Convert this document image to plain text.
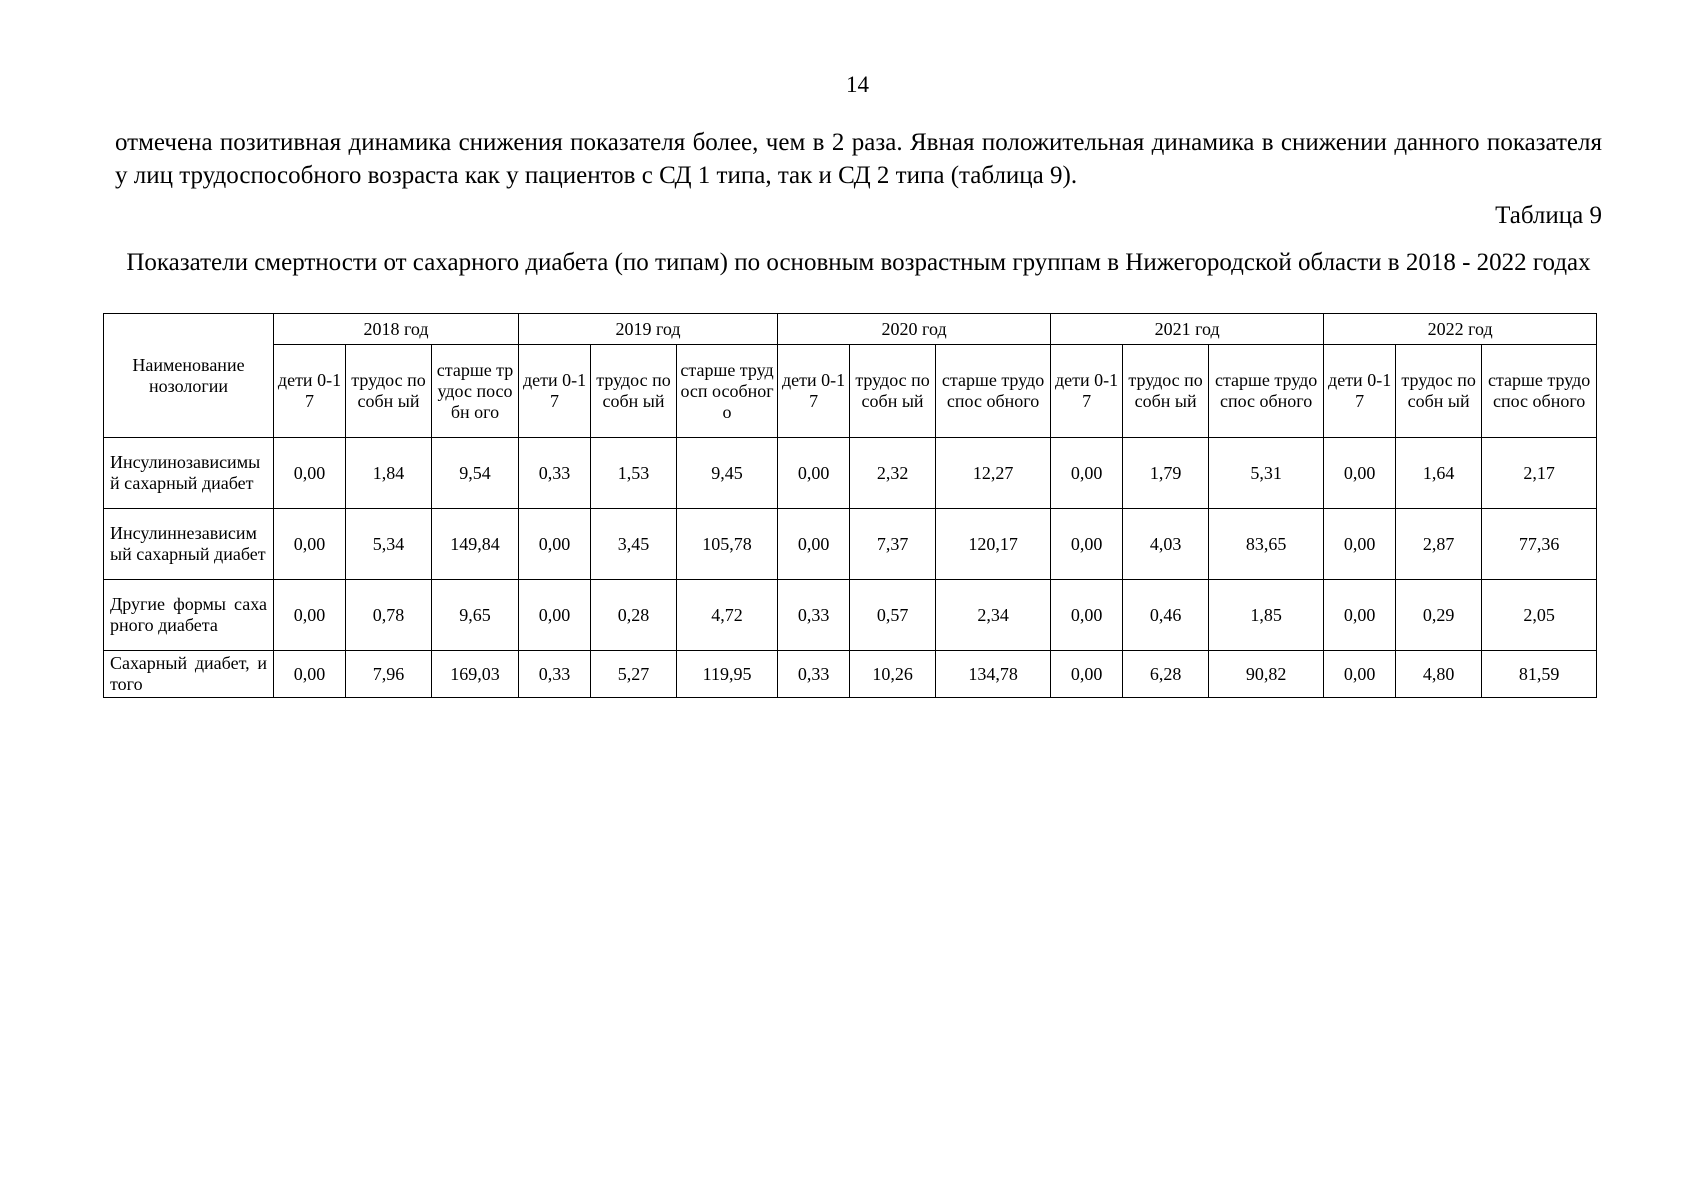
14
отмечена позитивная динамика снижения показателя более, чем в 2 раза. Явная положительная динамика в снижении данного показателя у лиц трудоспособного возраста как у пациентов с СД 1 типа, так и СД 2 типа (таблица 9).
Таблица 9
Показатели смертности от сахарного диабета (по типам) по основным возрастным группам в Нижегородской области в 2018 - 2022 годах
Наименование нозологии	2018 год			2019 год			2020 год			2021 год			2022 год		
	дети 0-17	трудос пособн ый	старше трудос пособн ого	дети 0-17	трудос пособн ый	старше трудосп особног о	дети 0-17	трудос пособн ый	старше трудоспос обного	дети 0-17	трудос пособн ый	старше трудоспос обного	дети 0-17	трудос пособн ый	старше трудоспос обного
Инсулинозависимый сахарный диабет	0,00	1,84	9,54	0,33	1,53	9,45	0,00	2,32	12,27	0,00	1,79	5,31	0,00	1,64	2,17
Инсулиннезависимый сахарный диабет	0,00	5,34	149,84	0,00	3,45	105,78	0,00	7,37	120,17	0,00	4,03	83,65	0,00	2,87	77,36
Другие формы сахарного диабета	0,00	0,78	9,65	0,00	0,28	4,72	0,33	0,57	2,34	0,00	0,46	1,85	0,00	0,29	2,05
Сахарный диабет, итого	0,00	7,96	169,03	0,33	5,27	119,95	0,33	10,26	134,78	0,00	6,28	90,82	0,00	4,80	81,59
